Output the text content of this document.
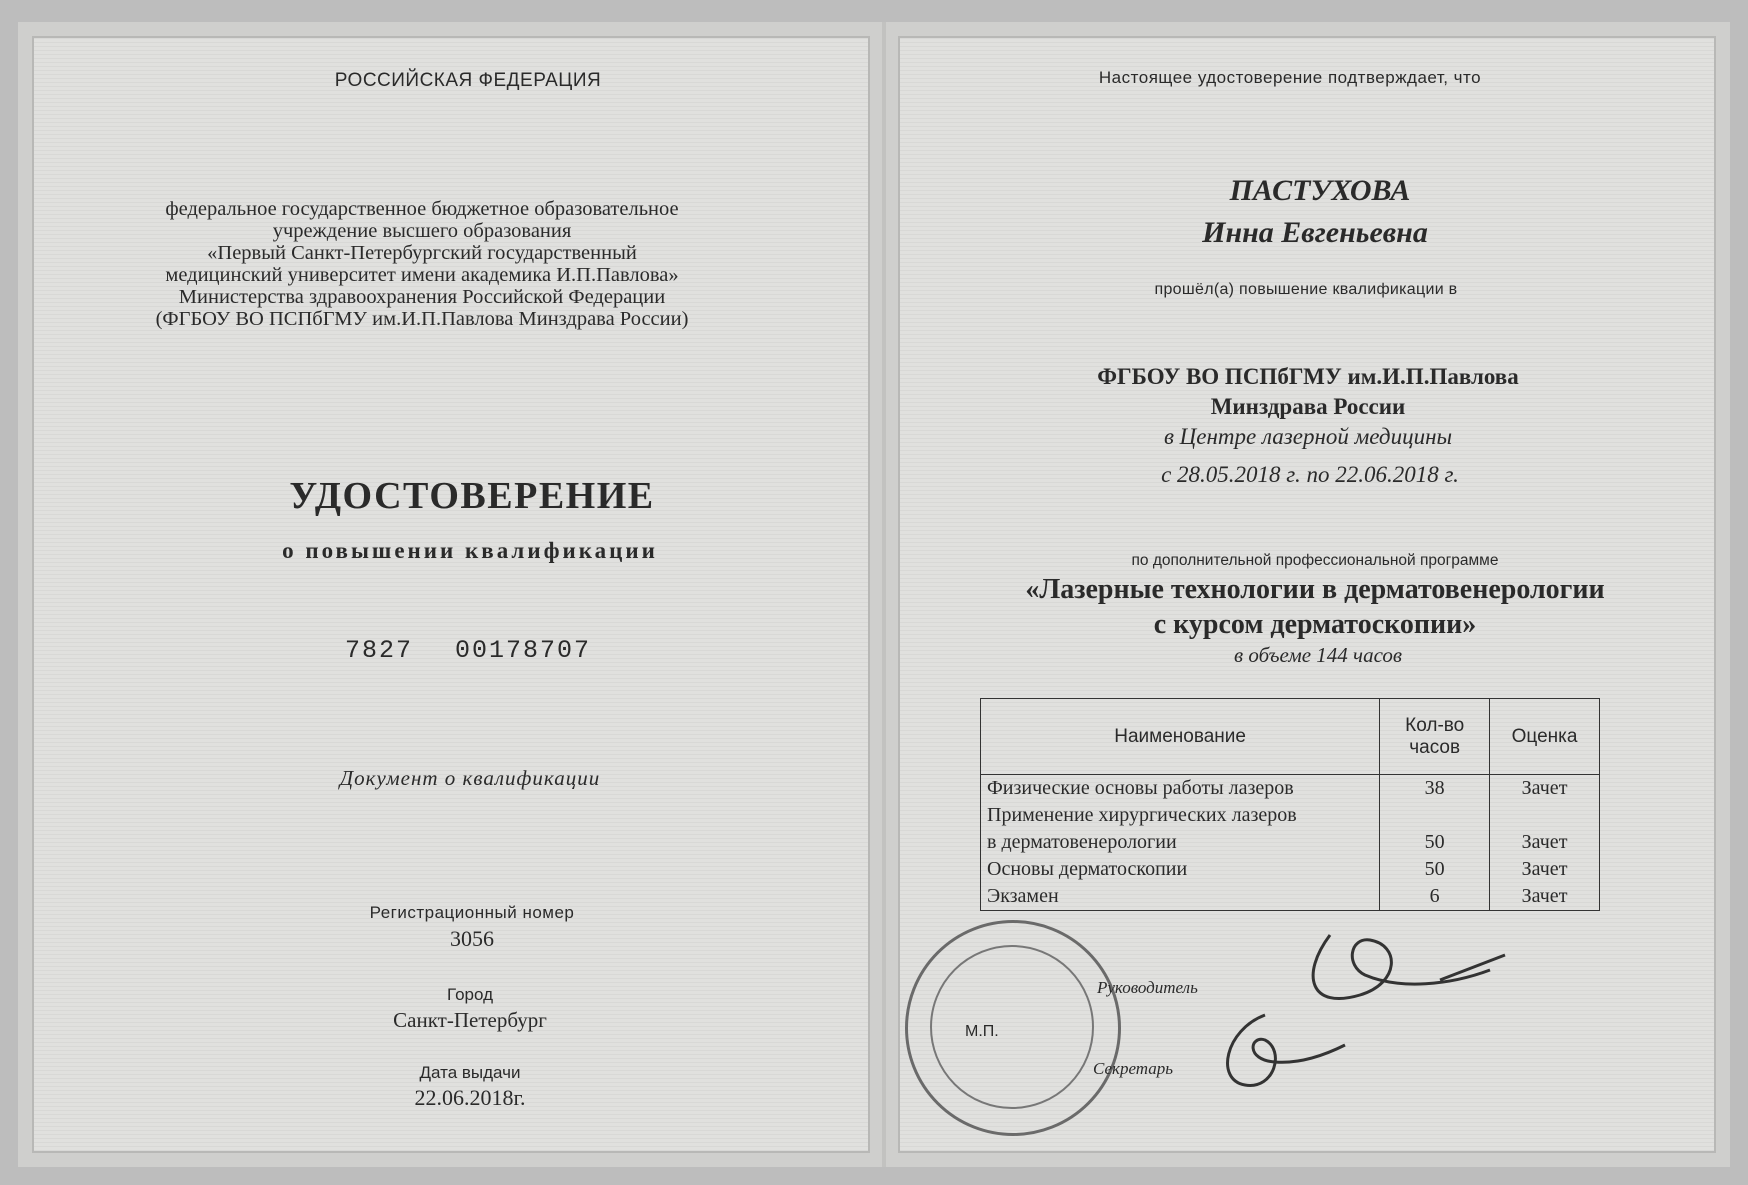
РОССИЙСКАЯ ФЕДЕРАЦИЯ
федеральное государственное бюджетное образовательное
учреждение высшего образования
«Первый Санкт-Петербургский государственный
медицинский университет имени академика И.П.Павлова»
Министерства здравоохранения Российской Федерации
(ФГБОУ ВО ПСПбГМУ им.И.П.Павлова Минздрава России)
УДОСТОВЕРЕНИЕ
о повышении квалификации
7827 00178707
Документ о квалификации
Регистрационный номер
3056
Город
Санкт-Петербург
Дата выдачи
22.06.2018г.
Настоящее удостоверение подтверждает, что
ПАСТУХОВА
Инна Евгеньевна
прошёл(а) повышение квалификации в
ФГБОУ ВО ПСПбГМУ им.И.П.Павлова
Минздрава России
в Центре лазерной медицины
с 28.05.2018 г. по 22.06.2018 г.
по дополнительной профессиональной программе
«Лазерные технологии в дерматовенерологии
с курсом дерматоскопии»
в объеме 144 часов
Наименование	Кол-во часов	Оценка
Физические основы работы лазеров	38	Зачет
Применение хирургических лазеров		
в дерматовенерологии	50	Зачет
Основы дерматоскопии	50	Зачет
Экзамен	6	Зачет
Руководитель
М.П.
Секретарь
